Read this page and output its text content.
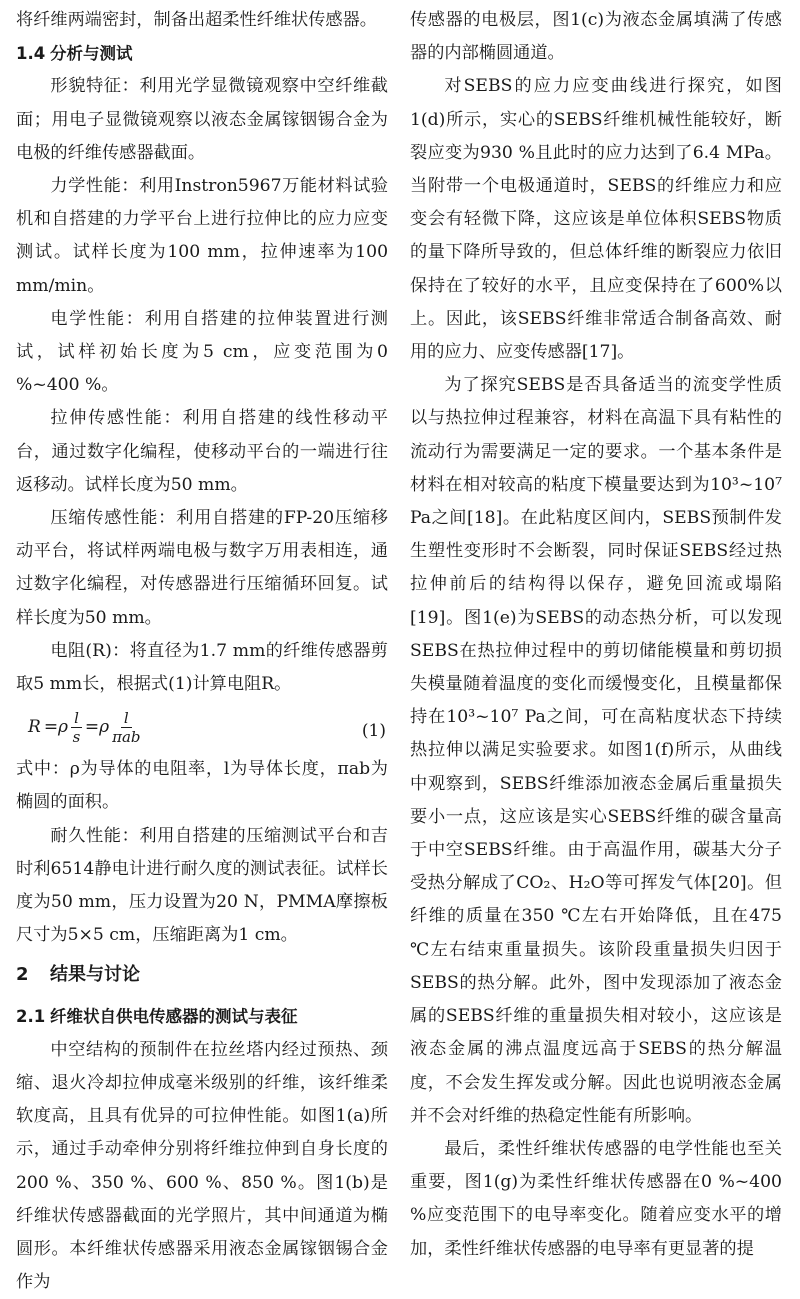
将纤维两端密封，制备出超柔性纤维状传感器。

1.4 分析与测试

形貌特征：利用光学显微镜观察中空纤维截面；用电子显微镜观察以液态金属镓铟锡合金为电极的纤维传感器截面。

力学性能：利用Instron5967万能材料试验机和自搭建的力学平台上进行拉伸比的应力应变测试。试样长度为100 mm，拉伸速率为100 mm/min。

电学性能：利用自搭建的拉伸装置进行测试，试样初始长度为5 cm，应变范围为0 %~400 %。

拉伸传感性能：利用自搭建的线性移动平台，通过数字化编程，使移动平台的一端进行往返移动。试样长度为50 mm。

压缩传感性能：利用自搭建的FP-20压缩移动平台，将试样两端电极与数字万用表相连，通过数字化编程，对传感器进行压缩循环回复。试样长度为50 mm。

电阻(R)：将直径为1.7 mm的纤维传感器剪取5 mm长，根据式(1)计算电阻R。

$R =\rho \frac{l}{s} =\rho \frac{l}{\text{πab}}$	(1)

式中：ρ为导体的电阻率，l为导体长度，πab为椭圆的面积。

耐久性能：利用自搭建的压缩测试平台和吉时利6514静电计进行耐久度的测试表征。试样长度为50 mm，压力设置为20 N，PMMA摩擦板尺寸为5×5 cm，压缩距离为1 cm。

2 结果与讨论
2.1 纤维状自供电传感器的测试与表征

中空结构的预制件在拉丝塔内经过预热、颈缩、退火冷却拉伸成毫米级别的纤维，该纤维柔软度高，且具有优异的可拉伸性能。如图1(a)所示，通过手动牵伸分别将纤维拉伸到自身长度的200 %、350 %、600 %、850 %。图1(b)是纤维状传感器截面的光学照片，其中间通道为椭圆形。本纤维状传感器采用液态金属镓铟锡合金作为

传感器的电极层，图1(c)为液态金属填满了传感器的内部椭圆通道。

对SEBS的应力应变曲线进行探究，如图1(d)所示，实心的SEBS纤维机械性能较好，断裂应变为930 %且此时的应力达到了6.4 MPa。当附带一个电极通道时，SEBS的纤维应力和应变会有轻微下降，这应该是单位体积SEBS物质的量下降所导致的，但总体纤维的断裂应力依旧保持在了较好的水平，且应变保持在了600%以上。因此，该SEBS纤维非常适合制备高效、耐用的应力、应变传感器[17]。

为了探究SEBS是否具备适当的流变学性质以与热拉伸过程兼容，材料在高温下具有粘性的流动行为需要满足一定的要求。一个基本条件是材料在相对较高的粘度下模量要达到为10³~10⁷ Pa之间[18]。在此粘度区间内，SEBS预制件发生塑性变形时不会断裂，同时保证SEBS经过热拉伸前后的结构得以保存，避免回流或塌陷[19]。图1(e)为SEBS的动态热分析，可以发现SEBS在热拉伸过程中的剪切储能模量和剪切损失模量随着温度的变化而缓慢变化，且模量都保持在10³~10⁷ Pa之间，可在高粘度状态下持续热拉伸以满足实验要求。如图1(f)所示，从曲线中观察到，SEBS纤维添加液态金属后重量损失要小一点，这应该是实心SEBS纤维的碳含量高于中空SEBS纤维。由于高温作用，碳基大分子受热分解成了CO₂、H₂O等可挥发气体[20]。但纤维的质量在350 ℃左右开始降低，且在475 ℃左右结束重量损失。该阶段重量损失归因于SEBS的热分解。此外，图中发现添加了液态金属的SEBS纤维的重量损失相对较小，这应该是液态金属的沸点温度远高于SEBS的热分解温度，不会发生挥发或分解。因此也说明液态金属并不会对纤维的热稳定性能有所影响。

最后，柔性纤维状传感器的电学性能也至关重要，图1(g)为柔性纤维状传感器在0 %~400 %应变范围下的电导率变化。随着应变水平的增加，柔性纤维状传感器的电导率有更显著的提
